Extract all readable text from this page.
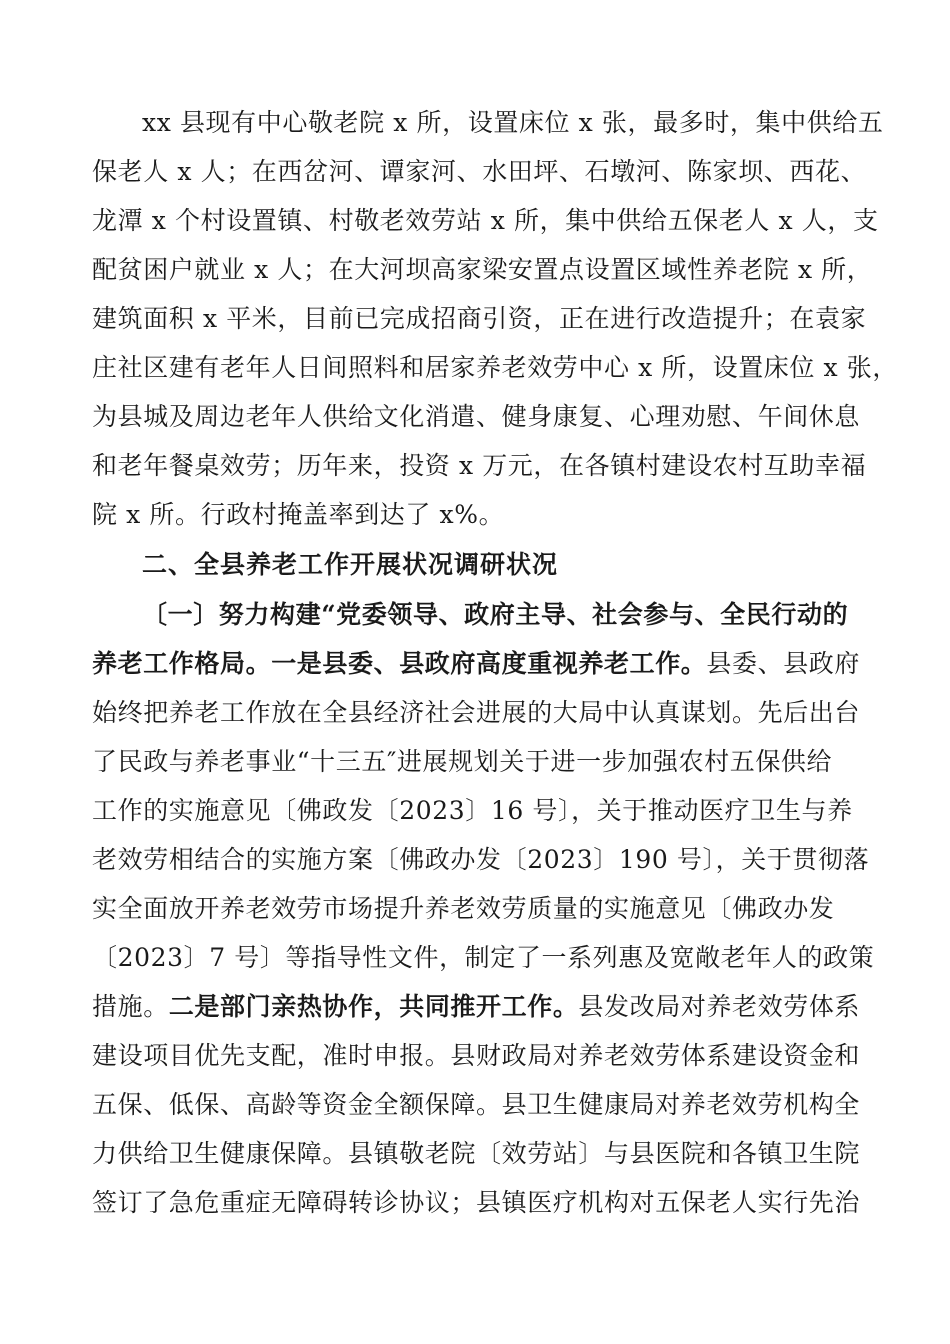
xx 县现有中心敬老院 x 所，设置床位 x 张，最多时，集中供给五
保老人 x 人；在西岔河、谭家河、水田坪、石墩河、陈家坝、西花、
龙潭 x 个村设置镇、村敬老效劳站 x 所，集中供给五保老人 x 人，支
配贫困户就业 x 人；在大河坝高家梁安置点设置区域性养老院 x 所，
建筑面积 x 平米，目前已完成招商引资，正在进行改造提升；在袁家
庄社区建有老年人日间照料和居家养老效劳中心 x 所，设置床位 x 张，
为县城及周边老年人供给文化消遣、健身康复、心理劝慰、午间休息
和老年餐桌效劳；历年来，投资 x 万元，在各镇村建设农村互助幸福
院 x 所。行政村掩盖率到达了 x%。
二、全县养老工作开展状况调研状况
〔一〕努力构建“党委领导、政府主导、社会参与、全民行动的
养老工作格局。一是县委、县政府高度重视养老工作。县委、县政府
始终把养老工作放在全县经济社会进展的大局中认真谋划。先后出台
了民政与养老事业“十三五″进展规划关于进一步加强农村五保供给
工作的实施意见〔佛政发〔2023〕16 号〕，关于推动医疗卫生与养
老效劳相结合的实施方案〔佛政办发〔2023〕190 号〕，关于贯彻落
实全面放开养老效劳市场提升养老效劳质量的实施意见〔佛政办发
〔2023〕7 号〕等指导性文件，制定了一系列惠及宽敞老年人的政策
措施。二是部门亲热协作，共同推开工作。县发改局对养老效劳体系
建设项目优先支配，准时申报。县财政局对养老效劳体系建设资金和
五保、低保、高龄等资金全额保障。县卫生健康局对养老效劳机构全
力供给卫生健康保障。县镇敬老院〔效劳站〕与县医院和各镇卫生院
签订了急危重症无障碍转诊协议；县镇医疗机构对五保老人实行先治
